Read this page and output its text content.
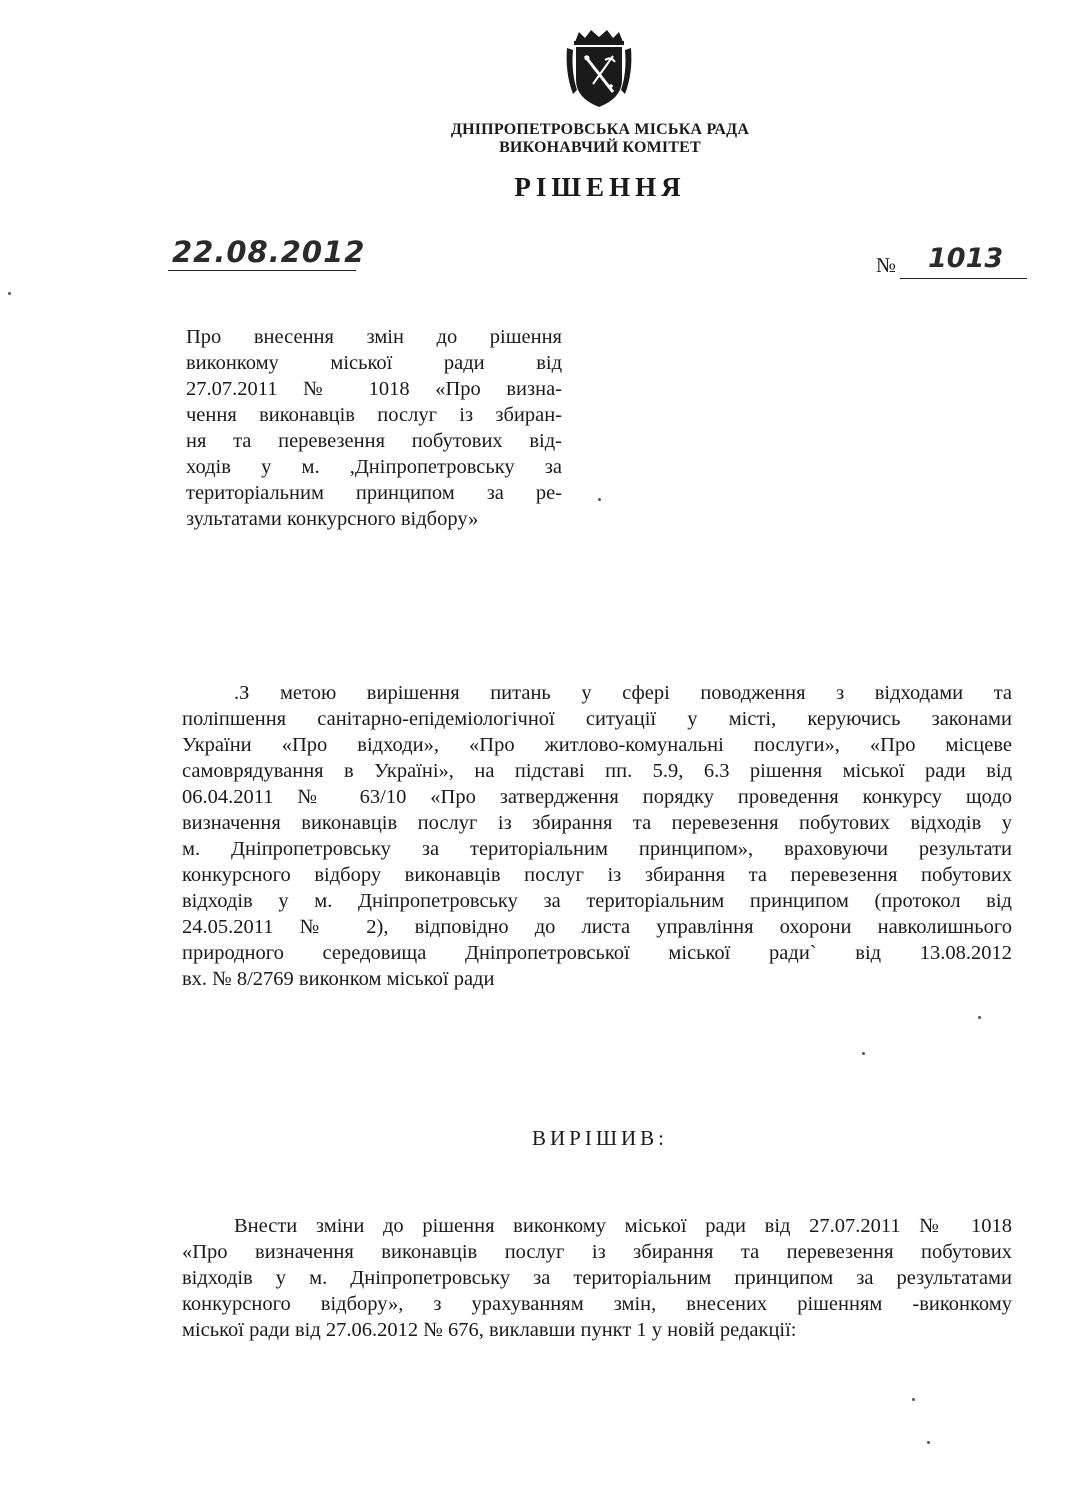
ДНІПРОПЕТРОВСЬКА МІСЬКА РАДА
ВИКОНАВЧИЙ КОМІТЕТ
РІШЕННЯ
22.08.2012	№ 1013
Про внесення змін до рішення
виконкому міської ради від
27.07.2011 № 1018 «Про визна-
чення виконавців послуг із збиран-
ня та перевезення побутових від-
ходів у м. ,Дніпропетровську за
територіальним принципом за ре-
зультатами конкурсного відбору»
.З метою вирішення питань у сфері поводження з відходами та
поліпшення санітарно-епідеміологічної ситуації у місті, керуючись законами
України «Про відходи», «Про житлово-комунальні послуги», «Про місцеве
самоврядування в Україні», на підставі пп. 5.9, 6.3 рішення міської ради від
06.04.2011 № 63/10 «Про затвердження порядку проведення конкурсу щодо
визначення виконавців послуг із збирання та перевезення побутових відходів у
м. Дніпропетровську за територіальним принципом», враховуючи результати
конкурсного відбору виконавців послуг із збирання та перевезення побутових
відходів у м. Дніпропетровську за територіальним принципом (протокол від
24.05.2011 № 2), відповідно до листа управління охорони навколишнього
природного середовища Дніпропетровської міської ради` від 13.08.2012
вх. № 8/2769 виконком міської ради
ВИРІШИВ:
Внести зміни до рішення виконкому міської ради від 27.07.2011 № 1018
«Про визначення виконавців послуг із збирання та перевезення побутових
відходів у м. Дніпропетровську за територіальним принципом за результатами
конкурсного відбору», з урахуванням змін, внесених рішенням -виконкому
міської ради від 27.06.2012 № 676, виклавши пункт 1 у новій редакції:
